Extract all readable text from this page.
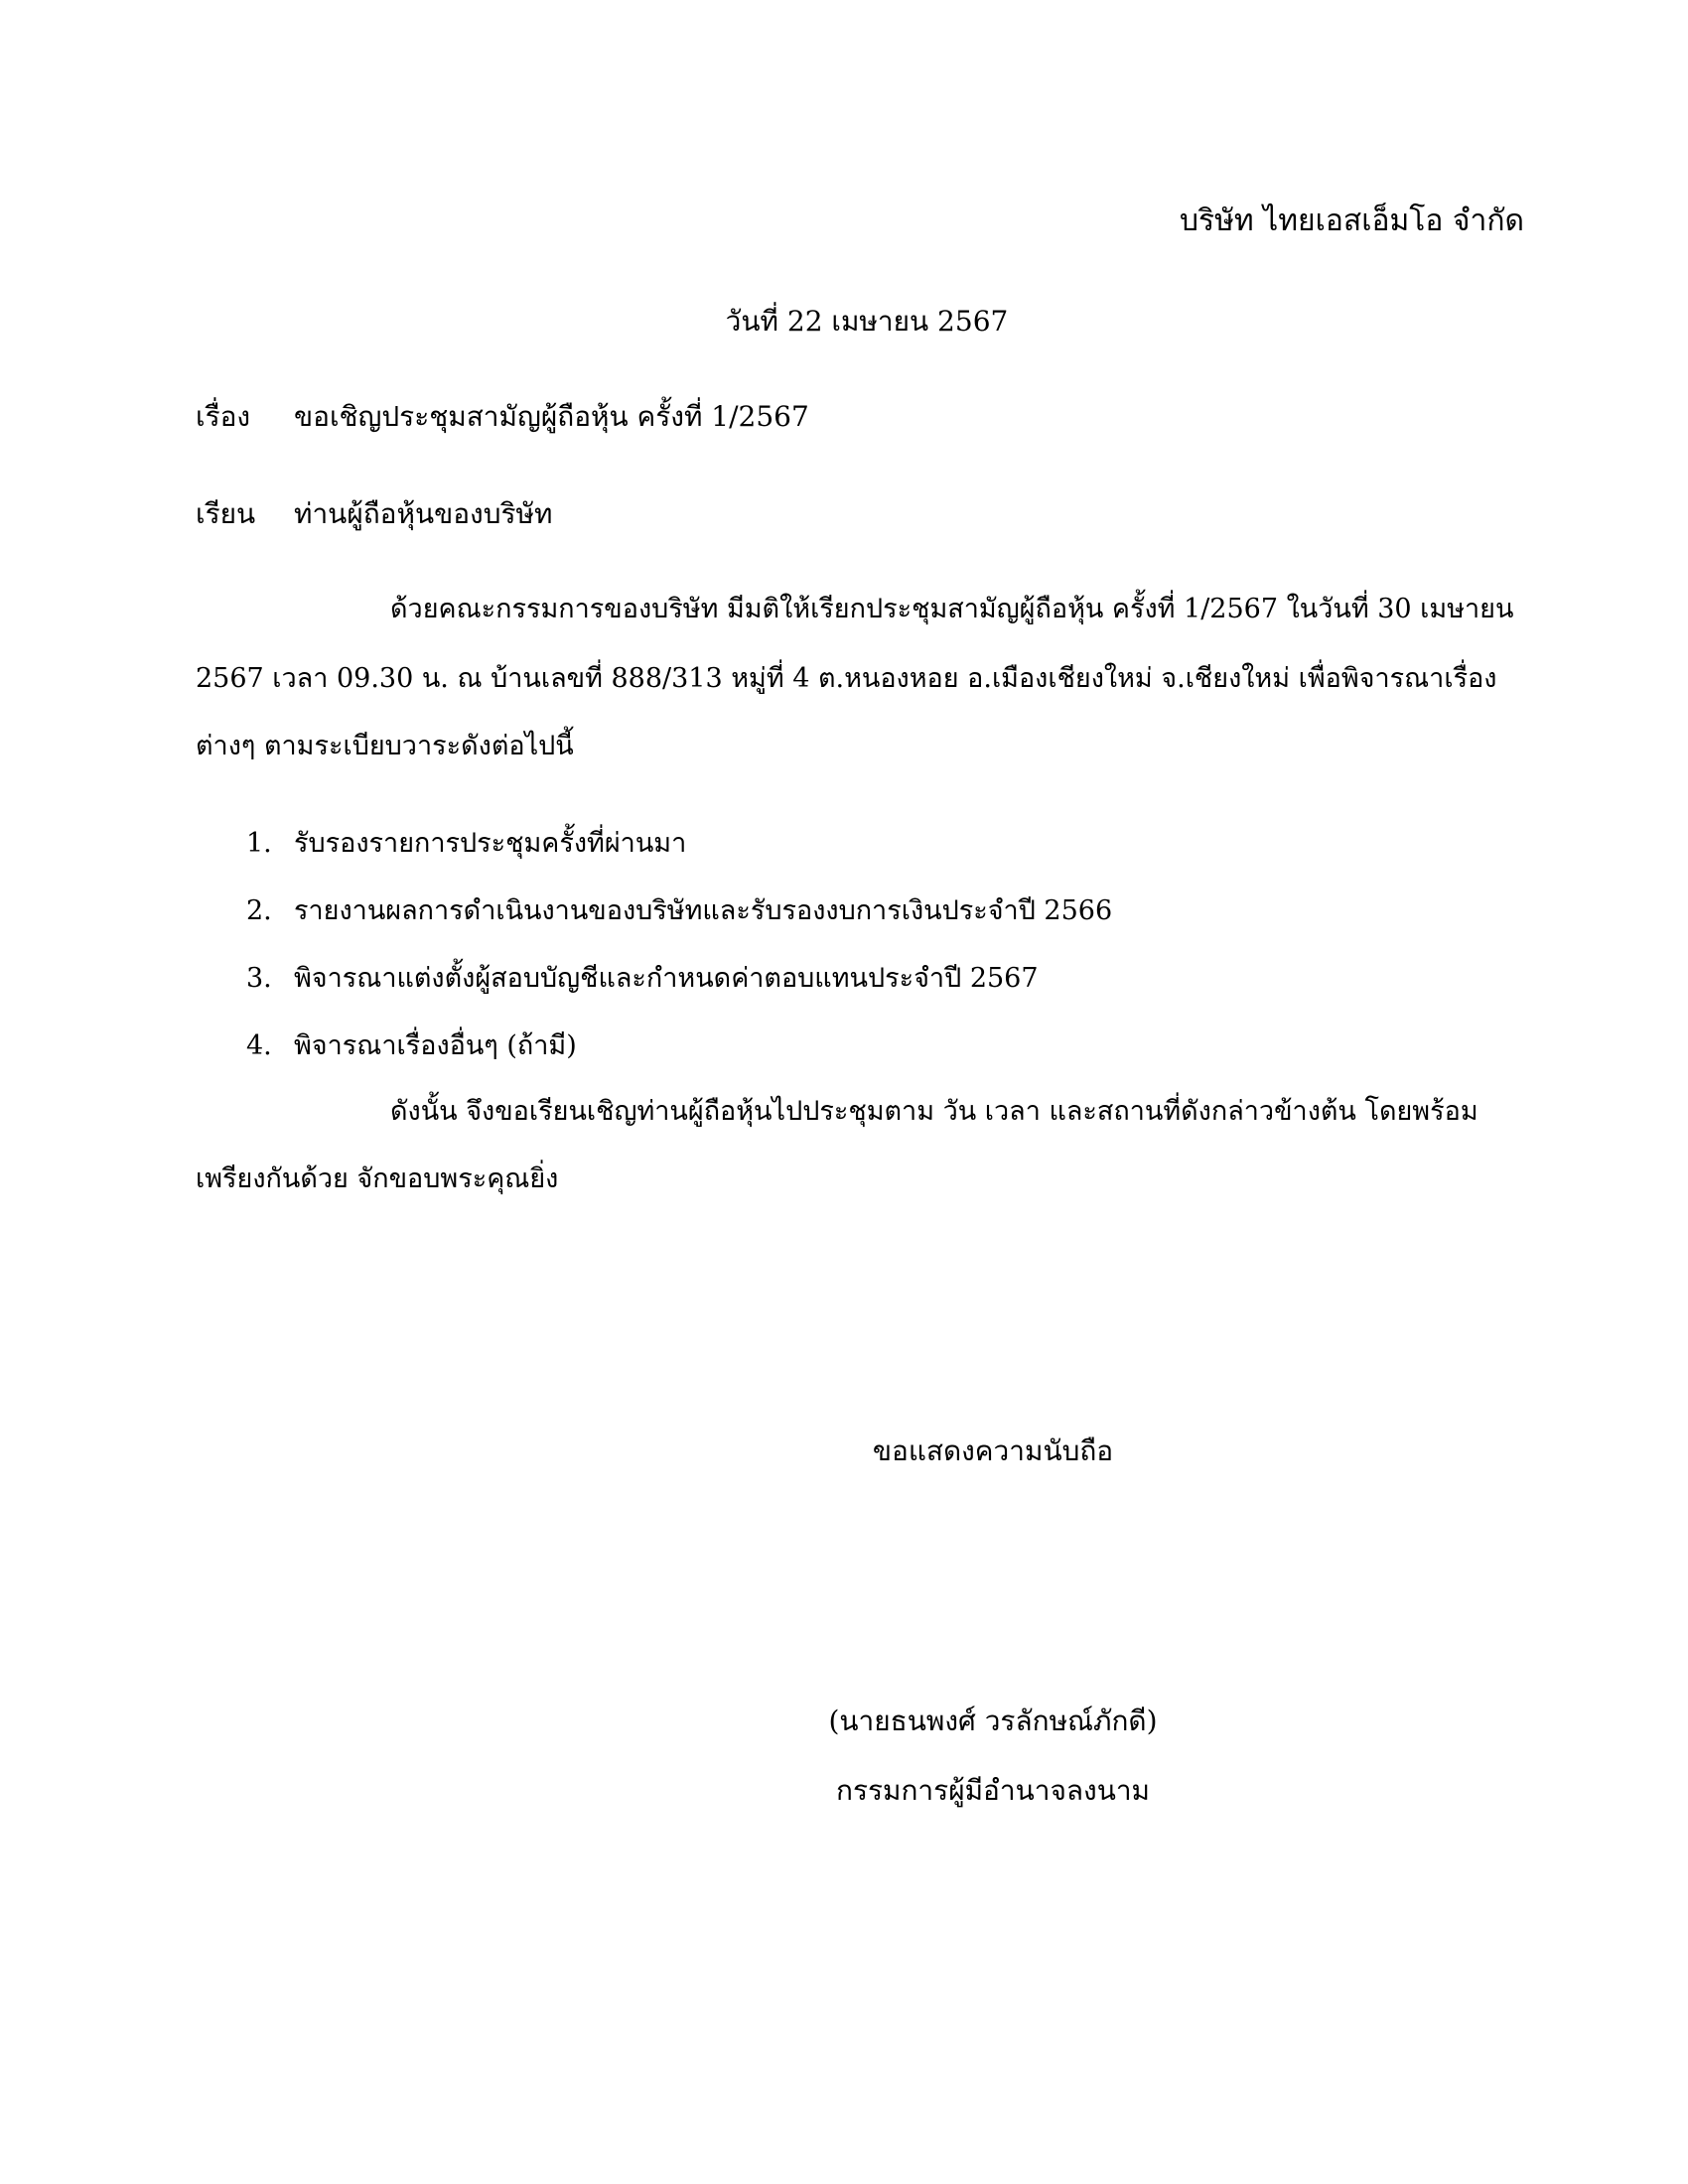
บริษัท ไทยเอสเอ็มโอ จำกัด
วันที่ 22 เมษายน 2567
เรื่อง ขอเชิญประชุมสามัญผู้ถือหุ้น ครั้งที่ 1/2567
เรียน ท่านผู้ถือหุ้นของบริษัท
ด้วยคณะกรรมการของบริษัท มีมติให้เรียกประชุมสามัญผู้ถือหุ้น ครั้งที่ 1/2567 ในวันที่ 30 เมษายน
2567 เวลา 09.30 น. ณ บ้านเลขที่ 888/313 หมู่ที่ 4 ต.หนองหอย อ.เมืองเชียงใหม่ จ.เชียงใหม่ เพื่อพิจารณาเรื่อง
ต่างๆ ตามระเบียบวาระดังต่อไปนี้
1. รับรองรายการประชุมครั้งที่ผ่านมา
2. รายงานผลการดำเนินงานของบริษัทและรับรองงบการเงินประจำปี 2566
3. พิจารณาแต่งตั้งผู้สอบบัญชีและกำหนดค่าตอบแทนประจำปี 2567
4. พิจารณาเรื่องอื่นๆ (ถ้ามี)
ดังนั้น จึงขอเรียนเชิญท่านผู้ถือหุ้นไปประชุมตาม วัน เวลา และสถานที่ดังกล่าวข้างต้น โดยพร้อม
เพรียงกันด้วย จักขอบพระคุณยิ่ง
ขอแสดงความนับถือ
(นายธนพงศ์ วรลักษณ์ภักดี)
กรรมการผู้มีอำนาจลงนาม
